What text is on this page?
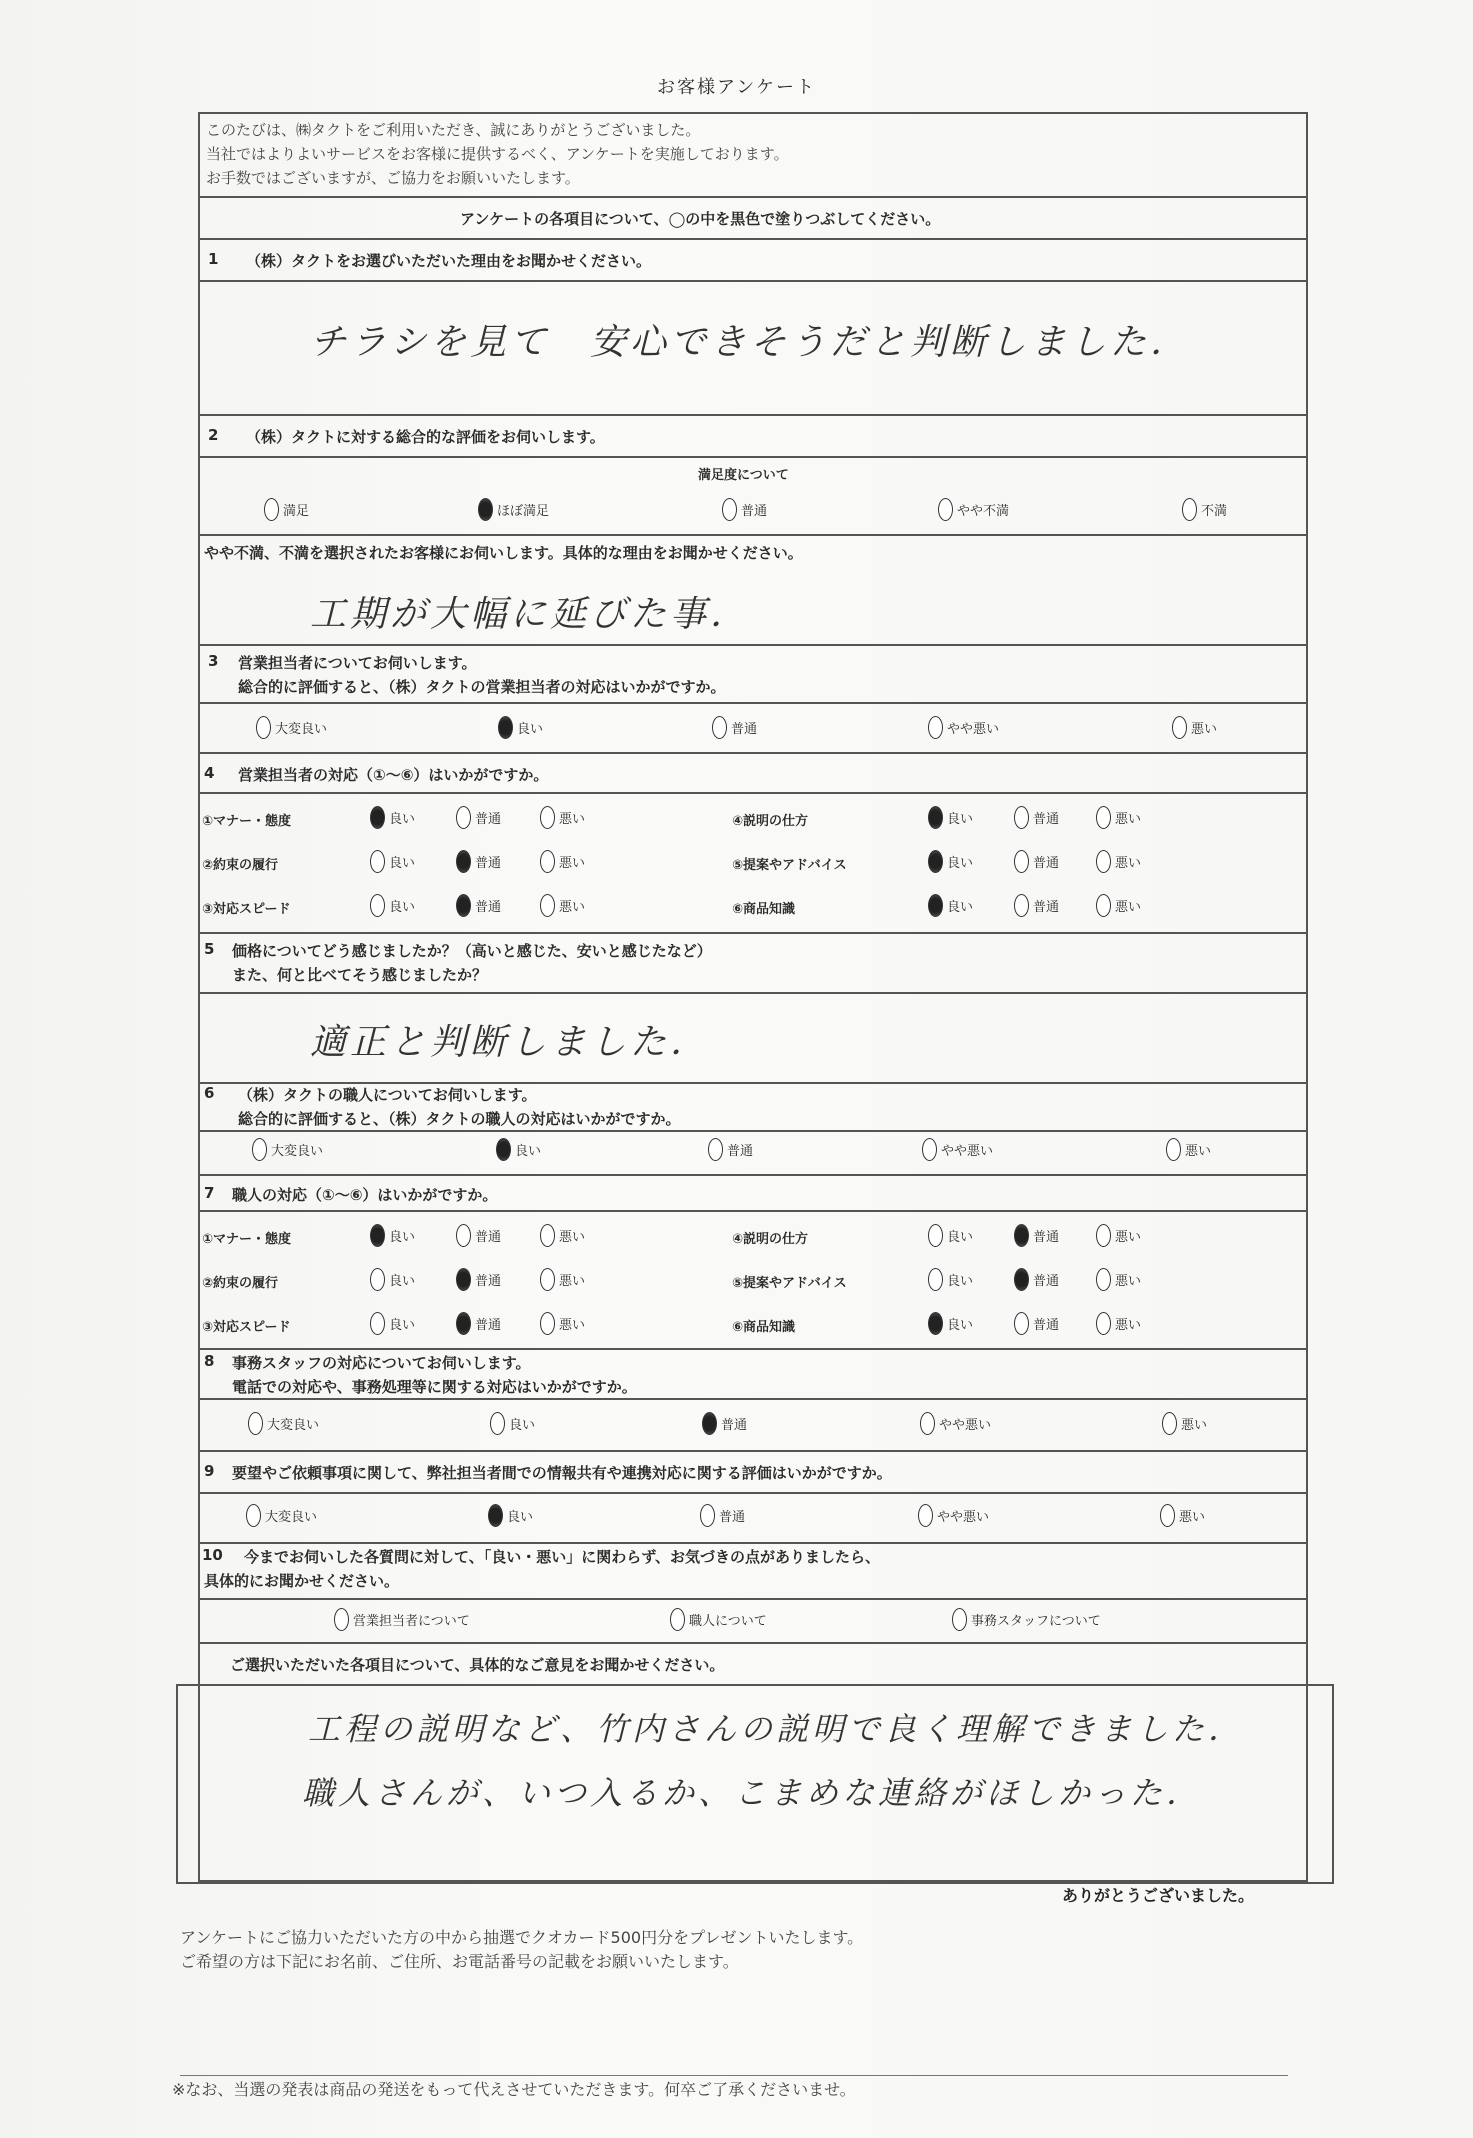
お客様アンケート
このたびは、㈱タクトをご利用いただき、誠にありがとうございました。
当社ではよりよいサービスをお客様に提供するべく、アンケートを実施しております。
お手数ではございますが、ご協力をお願いいたします。
アンケートの各項目について、◯の中を黒色で塗りつぶしてください。
1 （株）タクトをお選びいただいた理由をお聞かせください。
チラシを見て　安心できそうだと判断しました．
2 （株）タクトに対する総合的な評価をお伺いします。
満足度について
満足	ほぼ満足	普通	やや不満	不満
やや不満、不満を選択されたお客様にお伺いします。具体的な理由をお聞かせください。
工期が大幅に延びた事．
3 営業担当者についてお伺いします。
総合的に評価すると、（株）タクトの営業担当者の対応はいかがですか。
大変良い	良い	普通	やや悪い	悪い
4 営業担当者の対応（①〜⑥）はいかがですか。
①マナー・態度	良い	普通	悪い
②約束の履行	良い	普通	悪い
③対応スピード	良い	普通	悪い
④説明の仕方	良い	普通	悪い
⑤提案やアドバイス	良い	普通	悪い
⑥商品知識	良い	普通	悪い
5 価格についてどう感じましたか？（高いと感じた、安いと感じたなど）
また、何と比べてそう感じましたか？
適正と判断しました．
6 （株）タクトの職人についてお伺いします。
総合的に評価すると、（株）タクトの職人の対応はいかがですか。
大変良い	良い	普通	やや悪い	悪い
7 職人の対応（①〜⑥）はいかがですか。
①マナー・態度	良い	普通	悪い
②約束の履行	良い	普通	悪い
③対応スピード	良い	普通	悪い
④説明の仕方	良い	普通	悪い
⑤提案やアドバイス	良い	普通	悪い
⑥商品知識	良い	普通	悪い
8 事務スタッフの対応についてお伺いします。
電話での対応や、事務処理等に関する対応はいかがですか。
大変良い	良い	普通	やや悪い	悪い
9 要望やご依頼事項に関して、弊社担当者間での情報共有や連携対応に関する評価はいかがですか。
大変良い	良い	普通	やや悪い	悪い
10 今までお伺いした各質問に対して、「良い・悪い」に関わらず、お気づきの点がありましたら、
具体的にお聞かせください。
営業担当者について	職人について	事務スタッフについて
ご選択いただいた各項目について、具体的なご意見をお聞かせください。
工程の説明など、竹内さんの説明で良く理解できました．
職人さんが、いつ入るか、こまめな連絡がほしかった．
ありがとうございました。
アンケートにご協力いただいた方の中から抽選でクオカード500円分をプレゼントいたします。
ご希望の方は下記にお名前、ご住所、お電話番号の記載をお願いいたします。
※なお、当選の発表は商品の発送をもって代えさせていただきます。何卒ご了承くださいませ。
